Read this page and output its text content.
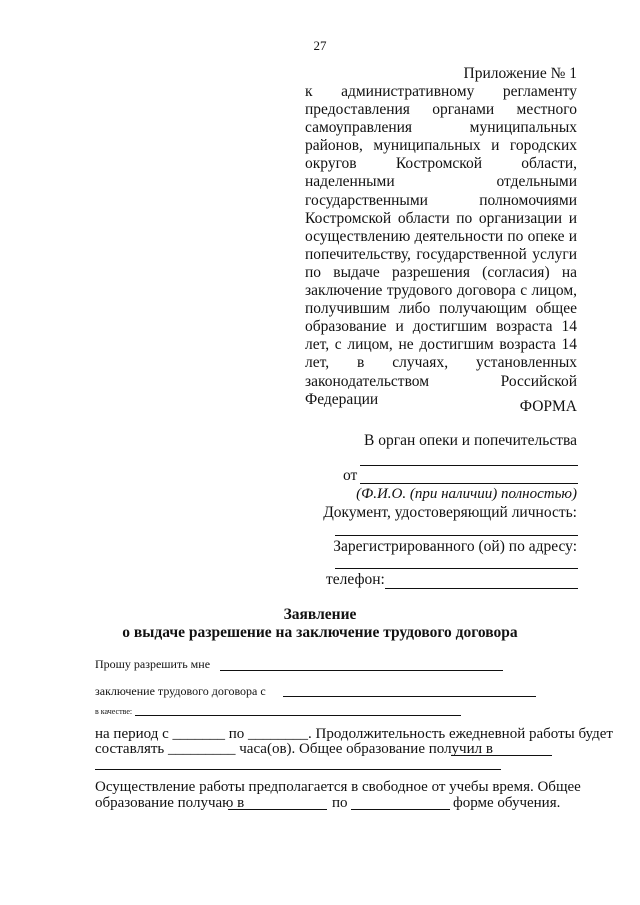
27
Приложение № 1
к административному регламенту предоставления органами местного самоуправления муниципальных районов, муниципальных и городских округов Костромской области, наделенными отдельными государственными полномочиями Костромской области по организации и осуществлению деятельности по опеке и попечительству, государственной услуги по выдаче разрешения (согласия) на заключение трудового договора с лицом, получившим либо получающим общее образование и достигшим возраста 14 лет, с лицом, не достигшим возраста 14 лет, в случаях, установленных законодательством Российской Федерации	ФОРМА
В орган опеки и попечительства
от
(Ф.И.О. (при наличии) полностью)
Документ, удостоверяющий личность:
Зарегистрированного (ой) по адресу:
телефон:
Заявление
о выдаче разрешение на заключение трудового договора
Прошу разрешить мне
заключение трудового договора с
в качестве:
на период с _______ по ________. Продолжительность ежедневной работы будет
составлять _________ часа(ов). Общее образование получил в
Осуществление работы предполагается в свободное от учебы время. Общее
образование получаю в	по	форме обучения.
